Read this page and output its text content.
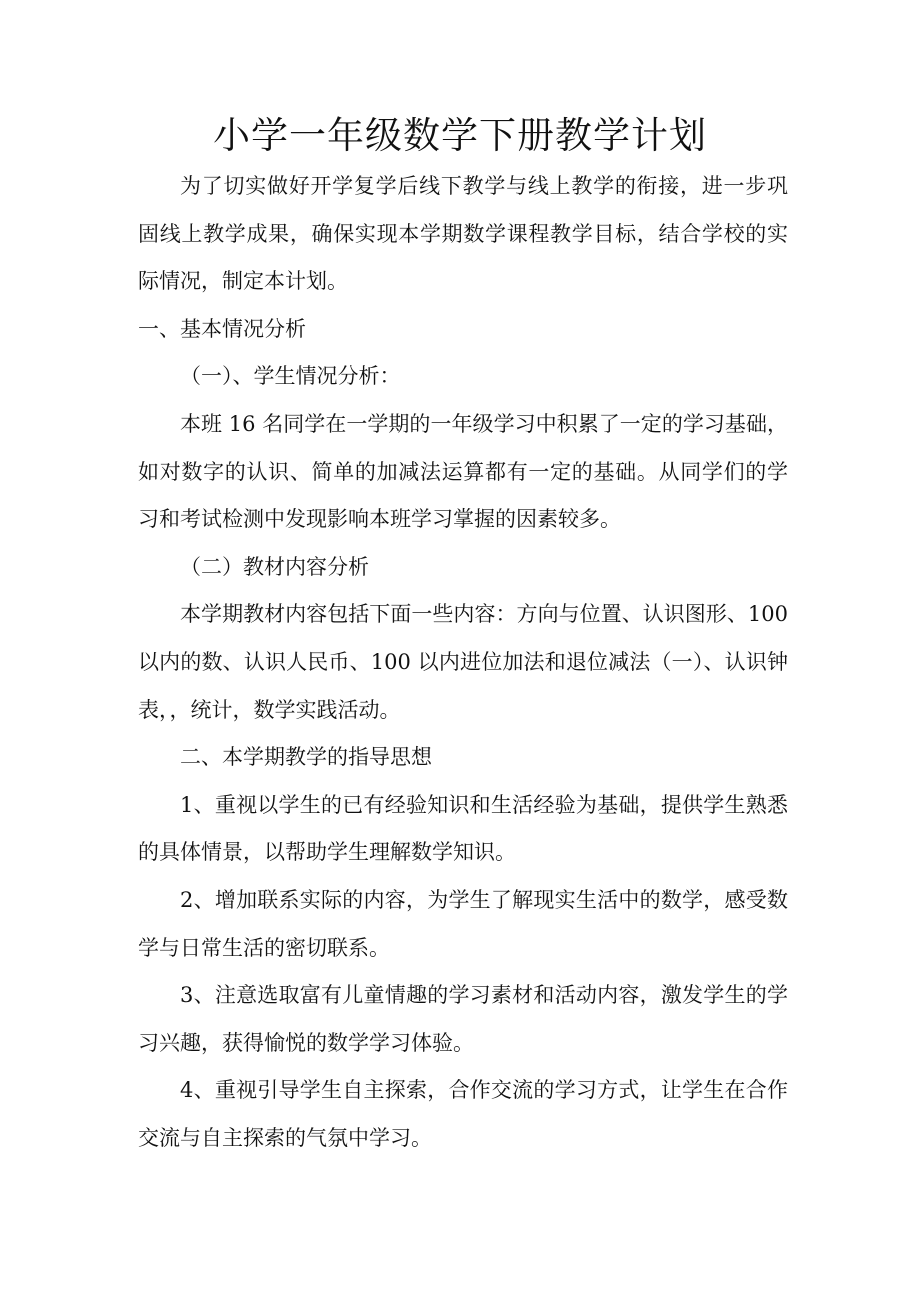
小学一年级数学下册教学计划

为了切实做好开学复学后线下教学与线上教学的衔接，进一步巩固线上教学成果，确保实现本学期数学课程教学目标，结合学校的实际情况，制定本计划。

一、基本情况分析

（一）、学生情况分析：

本班 16 名同学在一学期的一年级学习中积累了一定的学习基础，如对数字的认识、简单的加减法运算都有一定的基础。从同学们的学习和考试检测中发现影响本班学习掌握的因素较多。

（二）教材内容分析

本学期教材内容包括下面一些内容：方向与位置、认识图形、100 以内的数、认识人民币、100 以内进位加法和退位减法（一）、认识钟表，，统计，数学实践活动。

二、本学期教学的指导思想

1、重视以学生的已有经验知识和生活经验为基础，提供学生熟悉的具体情景，以帮助学生理解数学知识。

2、增加联系实际的内容，为学生了解现实生活中的数学，感受数学与日常生活的密切联系。

3、注意选取富有儿童情趣的学习素材和活动内容，激发学生的学习兴趣，获得愉悦的数学学习体验。

4、重视引导学生自主探索，合作交流的学习方式，让学生在合作交流与自主探索的气氛中学习。
